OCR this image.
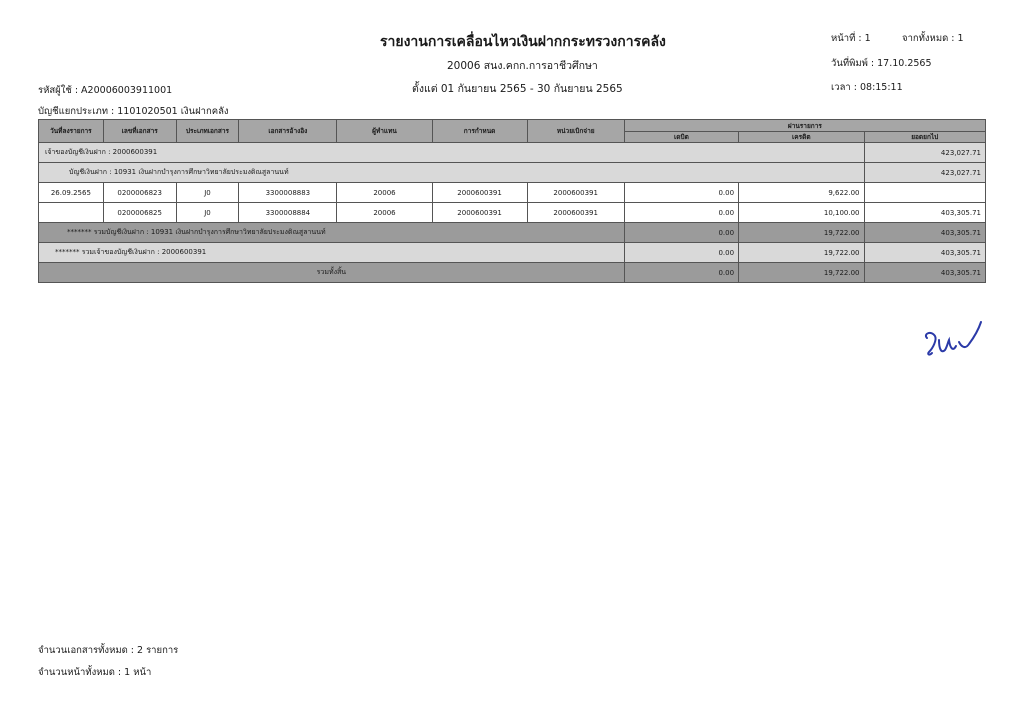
รายงานการเคลื่อนไหวเงินฝากกระทรวงการคลัง
20006 สนง.คกก.การอาชีวศึกษา
ตั้งแต่ 01 กันยายน 2565 - 30 กันยายน 2565
หน้าที่ : 1	จากทั้งหมด : 1
วันที่พิมพ์ : 17.10.2565
เวลา : 08:15:11
รหัสผู้ใช้ : A20006003911001
บัญชีแยกประเภท : 1101020501 เงินฝากคลัง
วันที่ลงรายการ	เลขที่เอกสาร	ประเภทเอกสาร	เอกสารอ้างอิง	ผู้ทำแทน	การกำหนด	หน่วยเบิกจ่าย	ผ่านรายการ		
							เดบิต	เครดิต	ยอดยกไป
เจ้าของบัญชีเงินฝาก : 2000600391									423,027.71
บัญชีเงินฝาก : 10931 เงินฝากบำรุงการศึกษาวิทยาลัยประมงติณสูลานนท์									423,027.71
26.09.2565	0200006823	J0	3300008883	20006	2000600391	2000600391	0.00	9,622.00	
	0200006825	J0	3300008884	20006	2000600391	2000600391	0.00	10,100.00	403,305.71
******* รวมบัญชีเงินฝาก : 10931 เงินฝากบำรุงการศึกษาวิทยาลัยประมงติณสูลานนท์							0.00	19,722.00	403,305.71
******* รวมเจ้าของบัญชีเงินฝาก : 2000600391							0.00	19,722.00	403,305.71
รวมทั้งสิ้น							0.00	19,722.00	403,305.71
จำนวนเอกสารทั้งหมด : 2 รายการ
จำนวนหน้าทั้งหมด : 1 หน้า
